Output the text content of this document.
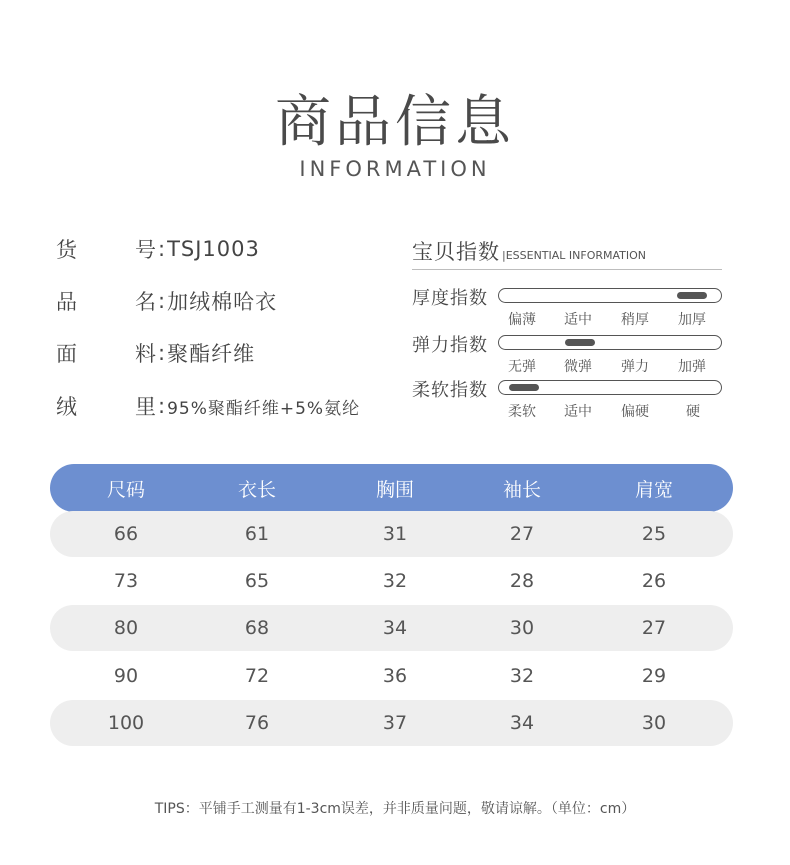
商品信息
INFORMATION
货	号 : TSJ1003
品	名 : 加绒棉哈衣
面	料 : 聚酯纤维
绒	里 : 95%聚酯纤维+5%氨纶
宝贝指数 |ESSENTIAL INFORMATION
厚度指数
偏薄 适中 稍厚 加厚
弹力指数
无弹 微弹 弹力 加弹
柔软指数
柔软 适中 偏硬	硬
尺码	衣长	胸围	袖长	肩宽
66	61	31	27	25
73	65	32	28	26
80	68	34	30	27
90	72	36	32	29
100	76	37	34	30
TIPS：平铺手工测量有1-3cm误差，并非质量问题，敬请谅解。（单位：cm）
